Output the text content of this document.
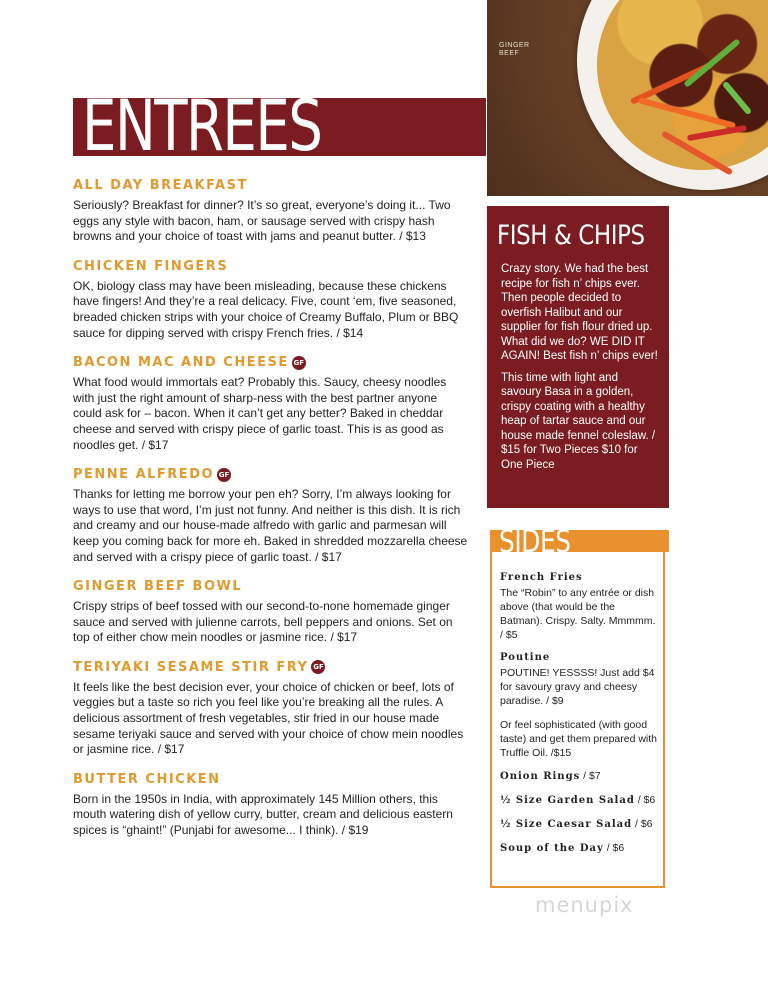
GINGER BEEF
ENTREES
ALL DAY BREAKFAST

Seriously? Breakfast for dinner? It’s so great, everyone’s doing it... Two eggs any style with bacon, ham, or sausage served with crispy hash browns and your choice of toast with jams and peanut butter. / $13

CHICKEN FINGERS

OK, biology class may have been misleading, because these chickens have fingers! And they’re a real delicacy. Five, count ‘em, five seasoned, breaded chicken strips with your choice of Creamy Buffalo, Plum or BBQ sauce for dipping served with crispy French fries. / $14

BACON MAC AND CHEESE GF

What food would immortals eat? Probably this. Saucy, cheesy noodles with just the right amount of sharp-ness with the best partner anyone could ask for – bacon. When it can’t get any better? Baked in cheddar cheese and served with crispy piece of garlic toast. This is as good as noodles get. / $17

PENNE ALFREDO GF

Thanks for letting me borrow your pen eh? Sorry, I’m always looking for ways to use that word, I’m just not funny. And neither is this dish. It is rich and creamy and our house-made alfredo with garlic and parmesan will keep you coming back for more eh. Baked in shredded mozzarella cheese and served with a crispy piece of garlic toast. / $17

GINGER BEEF BOWL

Crispy strips of beef tossed with our second-to-none homemade ginger sauce and served with julienne carrots, bell peppers and onions. Set on top of either chow mein noodles or jasmine rice. / $17

TERIYAKI SESAME STIR FRY GF

It feels like the best decision ever, your choice of chicken or beef, lots of veggies but a taste so rich you feel like you’re breaking all the rules. A delicious assortment of fresh vegetables, stir fried in our house made sesame teriyaki sauce and served with your choice of chow mein noodles or jasmine rice. / $17

BUTTER CHICKEN

Born in the 1950s in India, with approximately 145 Million others, this mouth watering dish of yellow curry, butter, cream and delicious eastern spices is “ghaint!” (Punjabi for awesome... I think). / $19

FISH & CHIPS

Crazy story. We had the best recipe for fish n’ chips ever. Then people decided to overfish Halibut and our supplier for fish flour dried up. What did we do? WE DID IT AGAIN! Best fish n’ chips ever!

This time with light and savoury Basa in a golden, crispy coating with a healthy heap of tartar sauce and our house made fennel coleslaw. / $15 for Two Pieces $10 for One Piece

SIDES

French Fries

The “Robin” to any entrée or dish above (that would be the Batman). Crispy. Salty. Mmmmm. / $5

Poutine

POUTINE! YESSSS! Just add $4 for savoury gravy and cheesy paradise. / $9

Or feel sophisticated (with good taste) and get them prepared with Truffle Oil. /$15

Onion Rings / $7

½ Size Garden Salad / $6

½ Size Caesar Salad / $6

Soup of the Day / $6

menupix
